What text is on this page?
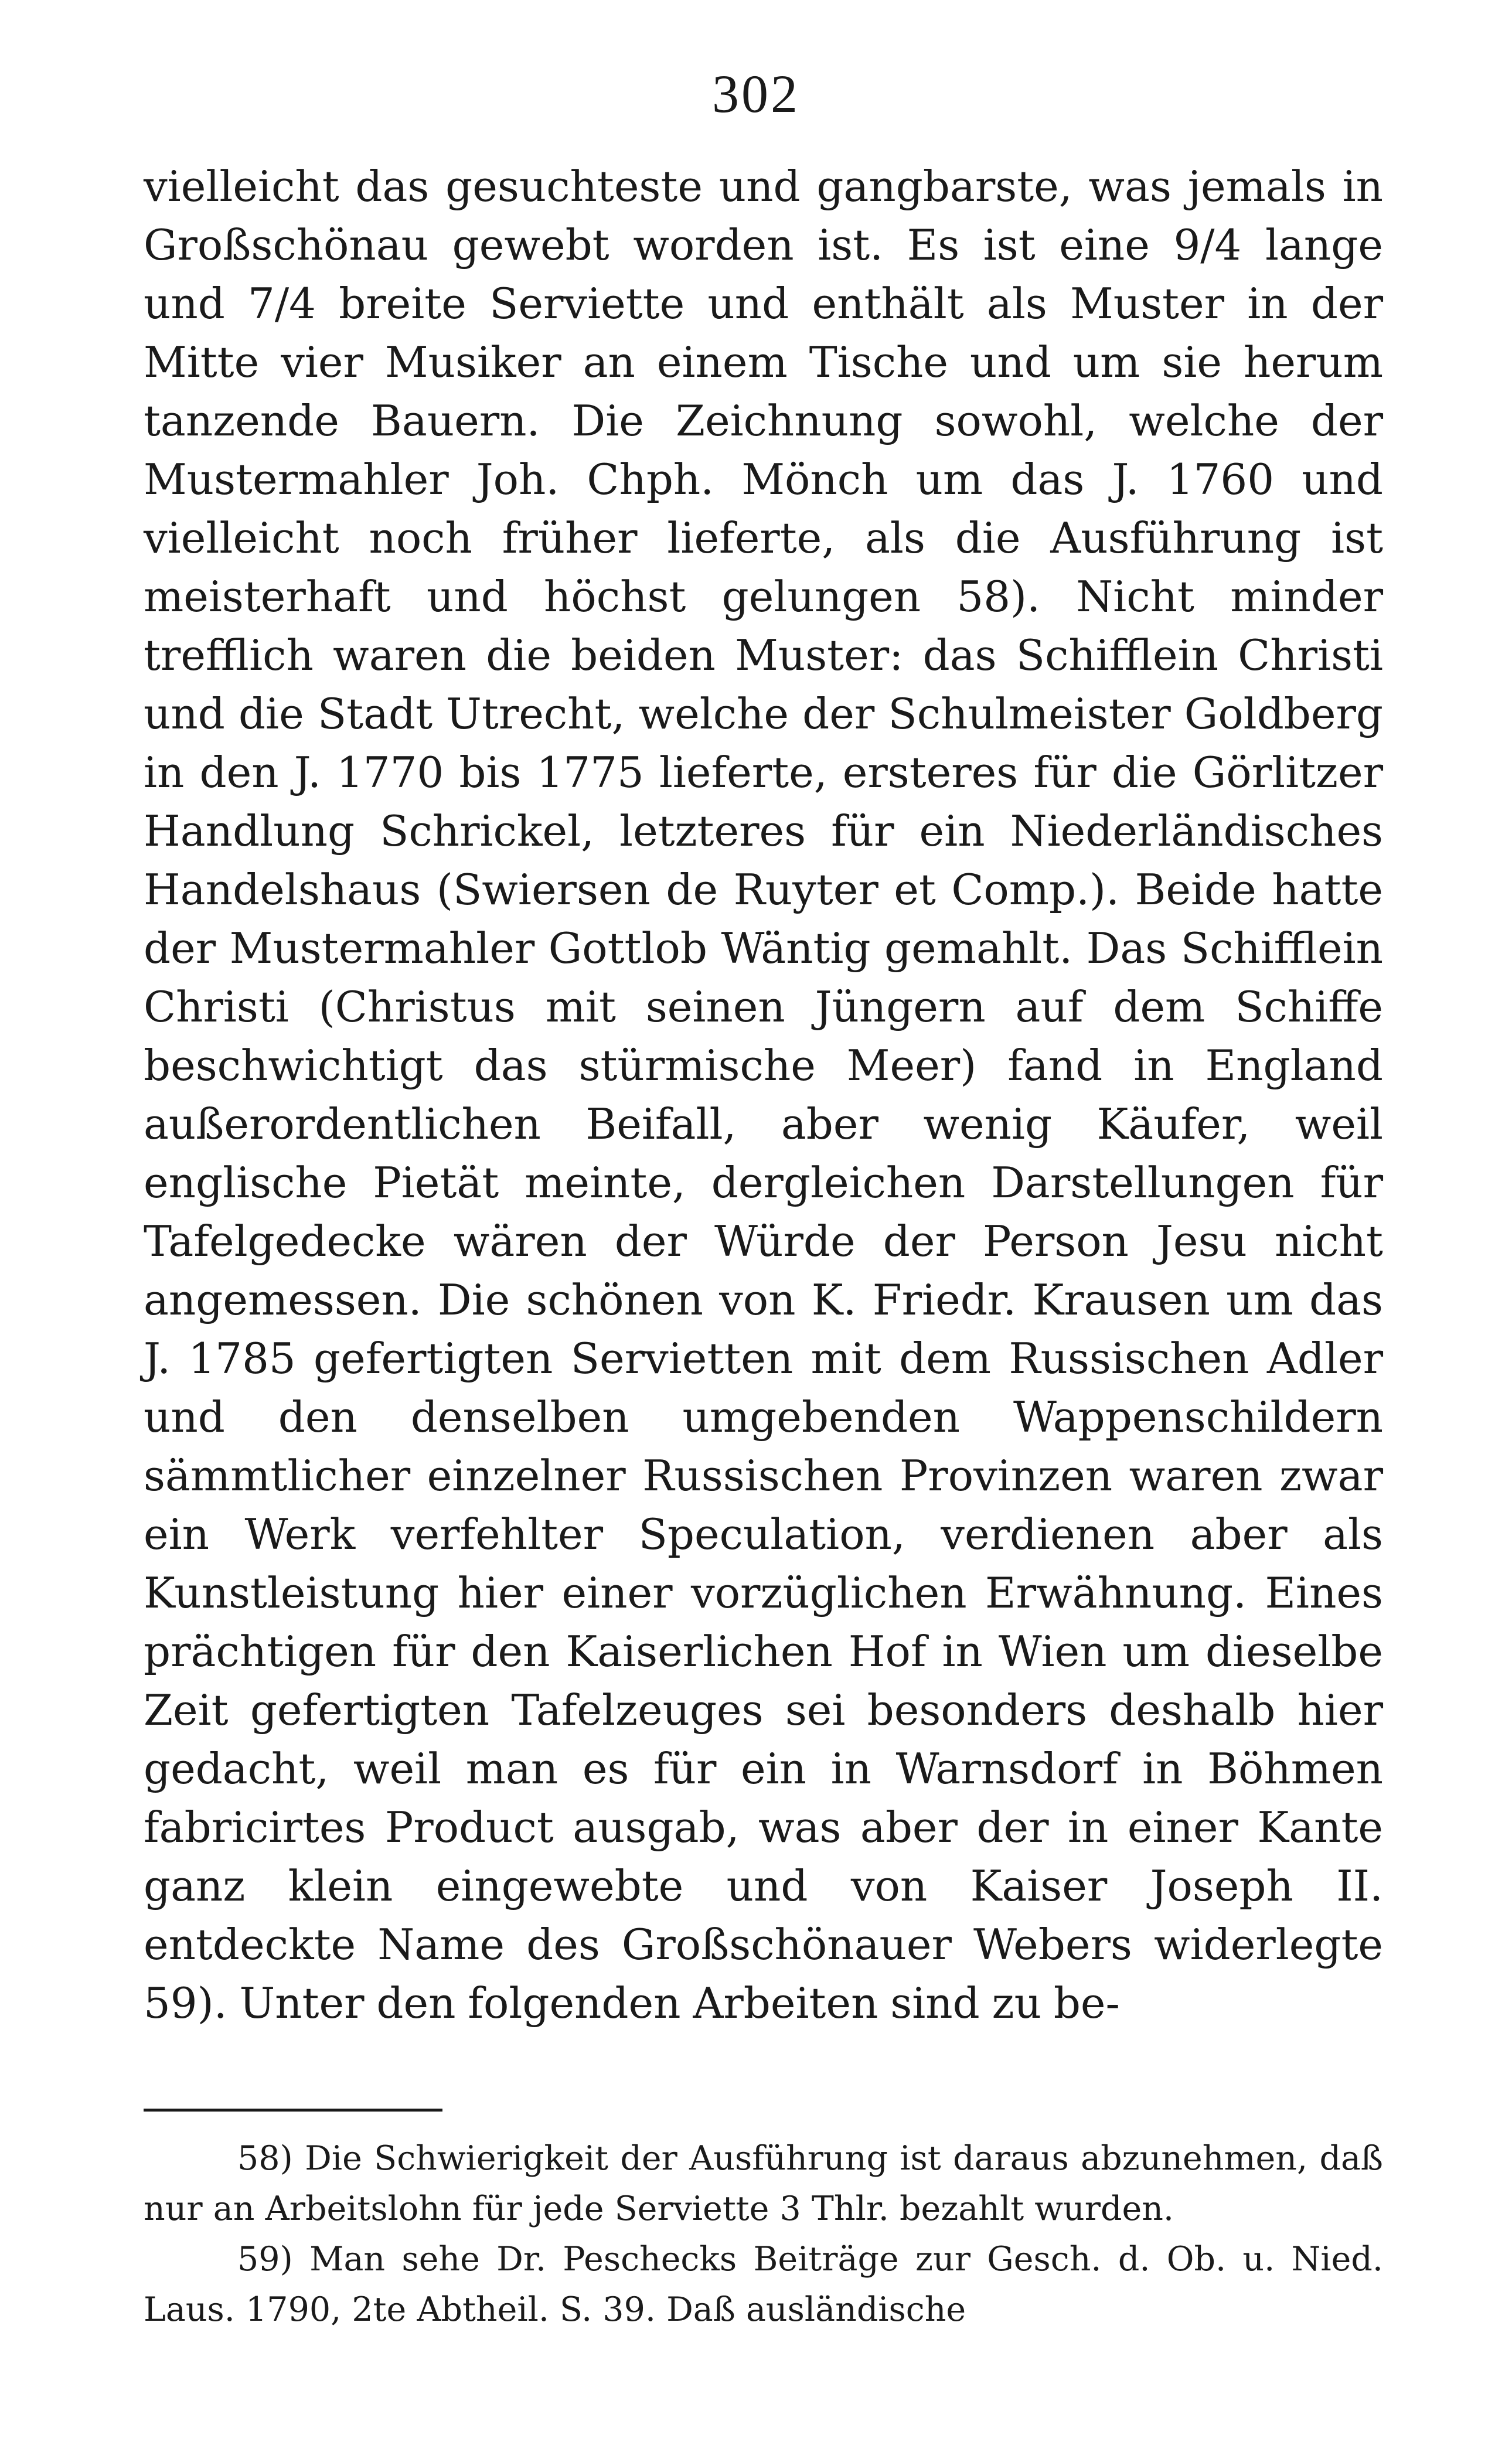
302

vielleicht das gesuchteste und gangbarste, was jemals in Großschönau gewebt worden ist. Es ist eine 9/4 lange und 7/4 breite Serviette und enthält als Muster in der Mitte vier Musiker an einem Tische und um sie herum tanzende Bauern. Die Zeichnung sowohl, welche der Mustermahler Joh. Chph. Mönch um das J. 1760 und vielleicht noch früher lieferte, als die Ausführung ist meisterhaft und höchst gelungen 58). Nicht minder trefflich waren die beiden Muster: das Schifflein Christi und die Stadt Utrecht, welche der Schulmeister Goldberg in den J. 1770 bis 1775 lieferte, ersteres für die Görlitzer Handlung Schrickel, letzteres für ein Niederländisches Handelshaus (Swiersen de Ruyter et Comp.). Beide hatte der Mustermahler Gottlob Wäntig gemahlt. Das Schifflein Christi (Christus mit seinen Jüngern auf dem Schiffe beschwichtigt das stürmische Meer) fand in England außerordentlichen Beifall, aber wenig Käufer, weil englische Pietät meinte, dergleichen Darstellungen für Tafelgedecke wären der Würde der Person Jesu nicht angemessen. Die schönen von K. Friedr. Krausen um das J. 1785 gefertigten Servietten mit dem Russischen Adler und den denselben umgebenden Wappenschildern sämmtlicher einzelner Russischen Provinzen waren zwar ein Werk verfehlter Speculation, verdienen aber als Kunstleistung hier einer vorzüglichen Erwähnung. Eines prächtigen für den Kaiserlichen Hof in Wien um dieselbe Zeit gefertigten Tafelzeuges sei besonders deshalb hier gedacht, weil man es für ein in Warnsdorf in Böhmen fabricirtes Product ausgab, was aber der in einer Kante ganz klein eingewebte und von Kaiser Joseph II. entdeckte Name des Großschönauer Webers widerlegte 59). Unter den folgenden Arbeiten sind zu be-

58) Die Schwierigkeit der Ausführung ist daraus abzunehmen, daß nur an Arbeitslohn für jede Serviette 3 Thlr. bezahlt wurden.

59) Man sehe Dr. Peschecks Beiträge zur Gesch. d. Ob. u. Nied. Laus. 1790, 2te Abtheil. S. 39. Daß ausländische
